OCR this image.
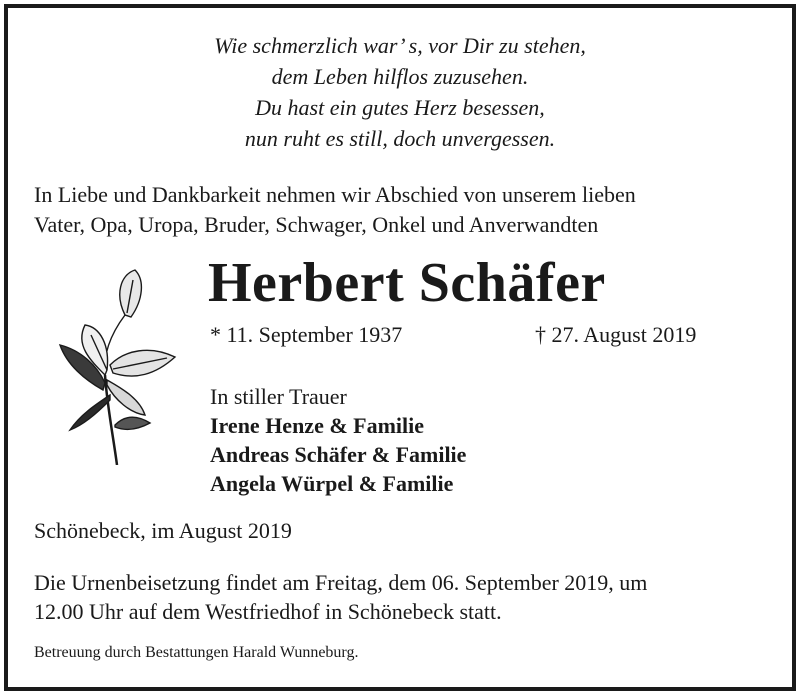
Wie schmerzlich war’ s, vor Dir zu stehen,
dem Leben hilflos zuzusehen.
Du hast ein gutes Herz besessen,
nun ruht es still, doch unvergessen.
In Liebe und Dankbarkeit nehmen wir Abschied von unserem lieben
Vater, Opa, Uropa, Bruder, Schwager, Onkel und Anverwandten
Herbert Schäfer
* 11. September 1937	† 27. August 2019
In stiller Trauer
Irene Henze & Familie
Andreas Schäfer & Familie
Angela Würpel & Familie
Schönebeck, im August 2019
Die Urnenbeisetzung findet am Freitag, dem 06. September 2019, um
12.00 Uhr auf dem Westfriedhof in Schönebeck statt.
Betreuung durch Bestattungen Harald Wunneburg.
